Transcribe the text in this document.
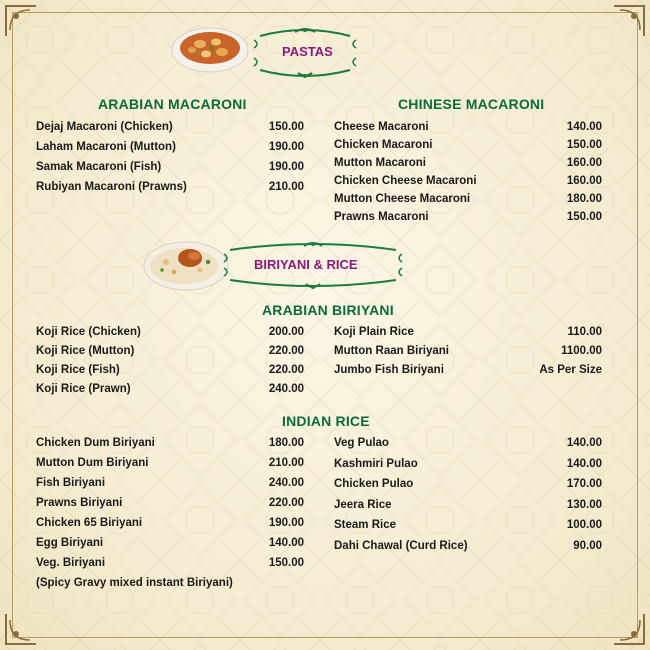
PASTAS
ARABIAN MACARONI
Dejaj Macaroni (Chicken)	150.00
Laham Macaroni (Mutton)	190.00
Samak Macaroni (Fish)	190.00
Rubiyan Macaroni (Prawns)	210.00
CHINESE MACARONI
Cheese Macaroni	140.00
Chicken Macaroni	150.00
Mutton Macaroni	160.00
Chicken Cheese Macaroni	160.00
Mutton Cheese Macaroni	180.00
Prawns Macaroni	150.00
BIRIYANI & RICE
ARABIAN BIRIYANI
Koji Rice (Chicken)	200.00
Koji Rice (Mutton)	220.00
Koji Rice (Fish)	220.00
Koji Rice (Prawn)	240.00
Koji Plain Rice	110.00
Mutton Raan Biriyani	1100.00
Jumbo Fish Biriyani	As Per Size
INDIAN RICE
Chicken Dum Biriyani	180.00
Mutton Dum Biriyani	210.00
Fish Biriyani	240.00
Prawns Biriyani	220.00
Chicken 65 Biriyani	190.00
Egg Biriyani	140.00
Veg. Biriyani	150.00
(Spicy Gravy mixed instant Biriyani)
Veg Pulao	140.00
Kashmiri Pulao	140.00
Chicken Pulao	170.00
Jeera Rice	130.00
Steam Rice	100.00
Dahi Chawal (Curd Rice)	90.00
